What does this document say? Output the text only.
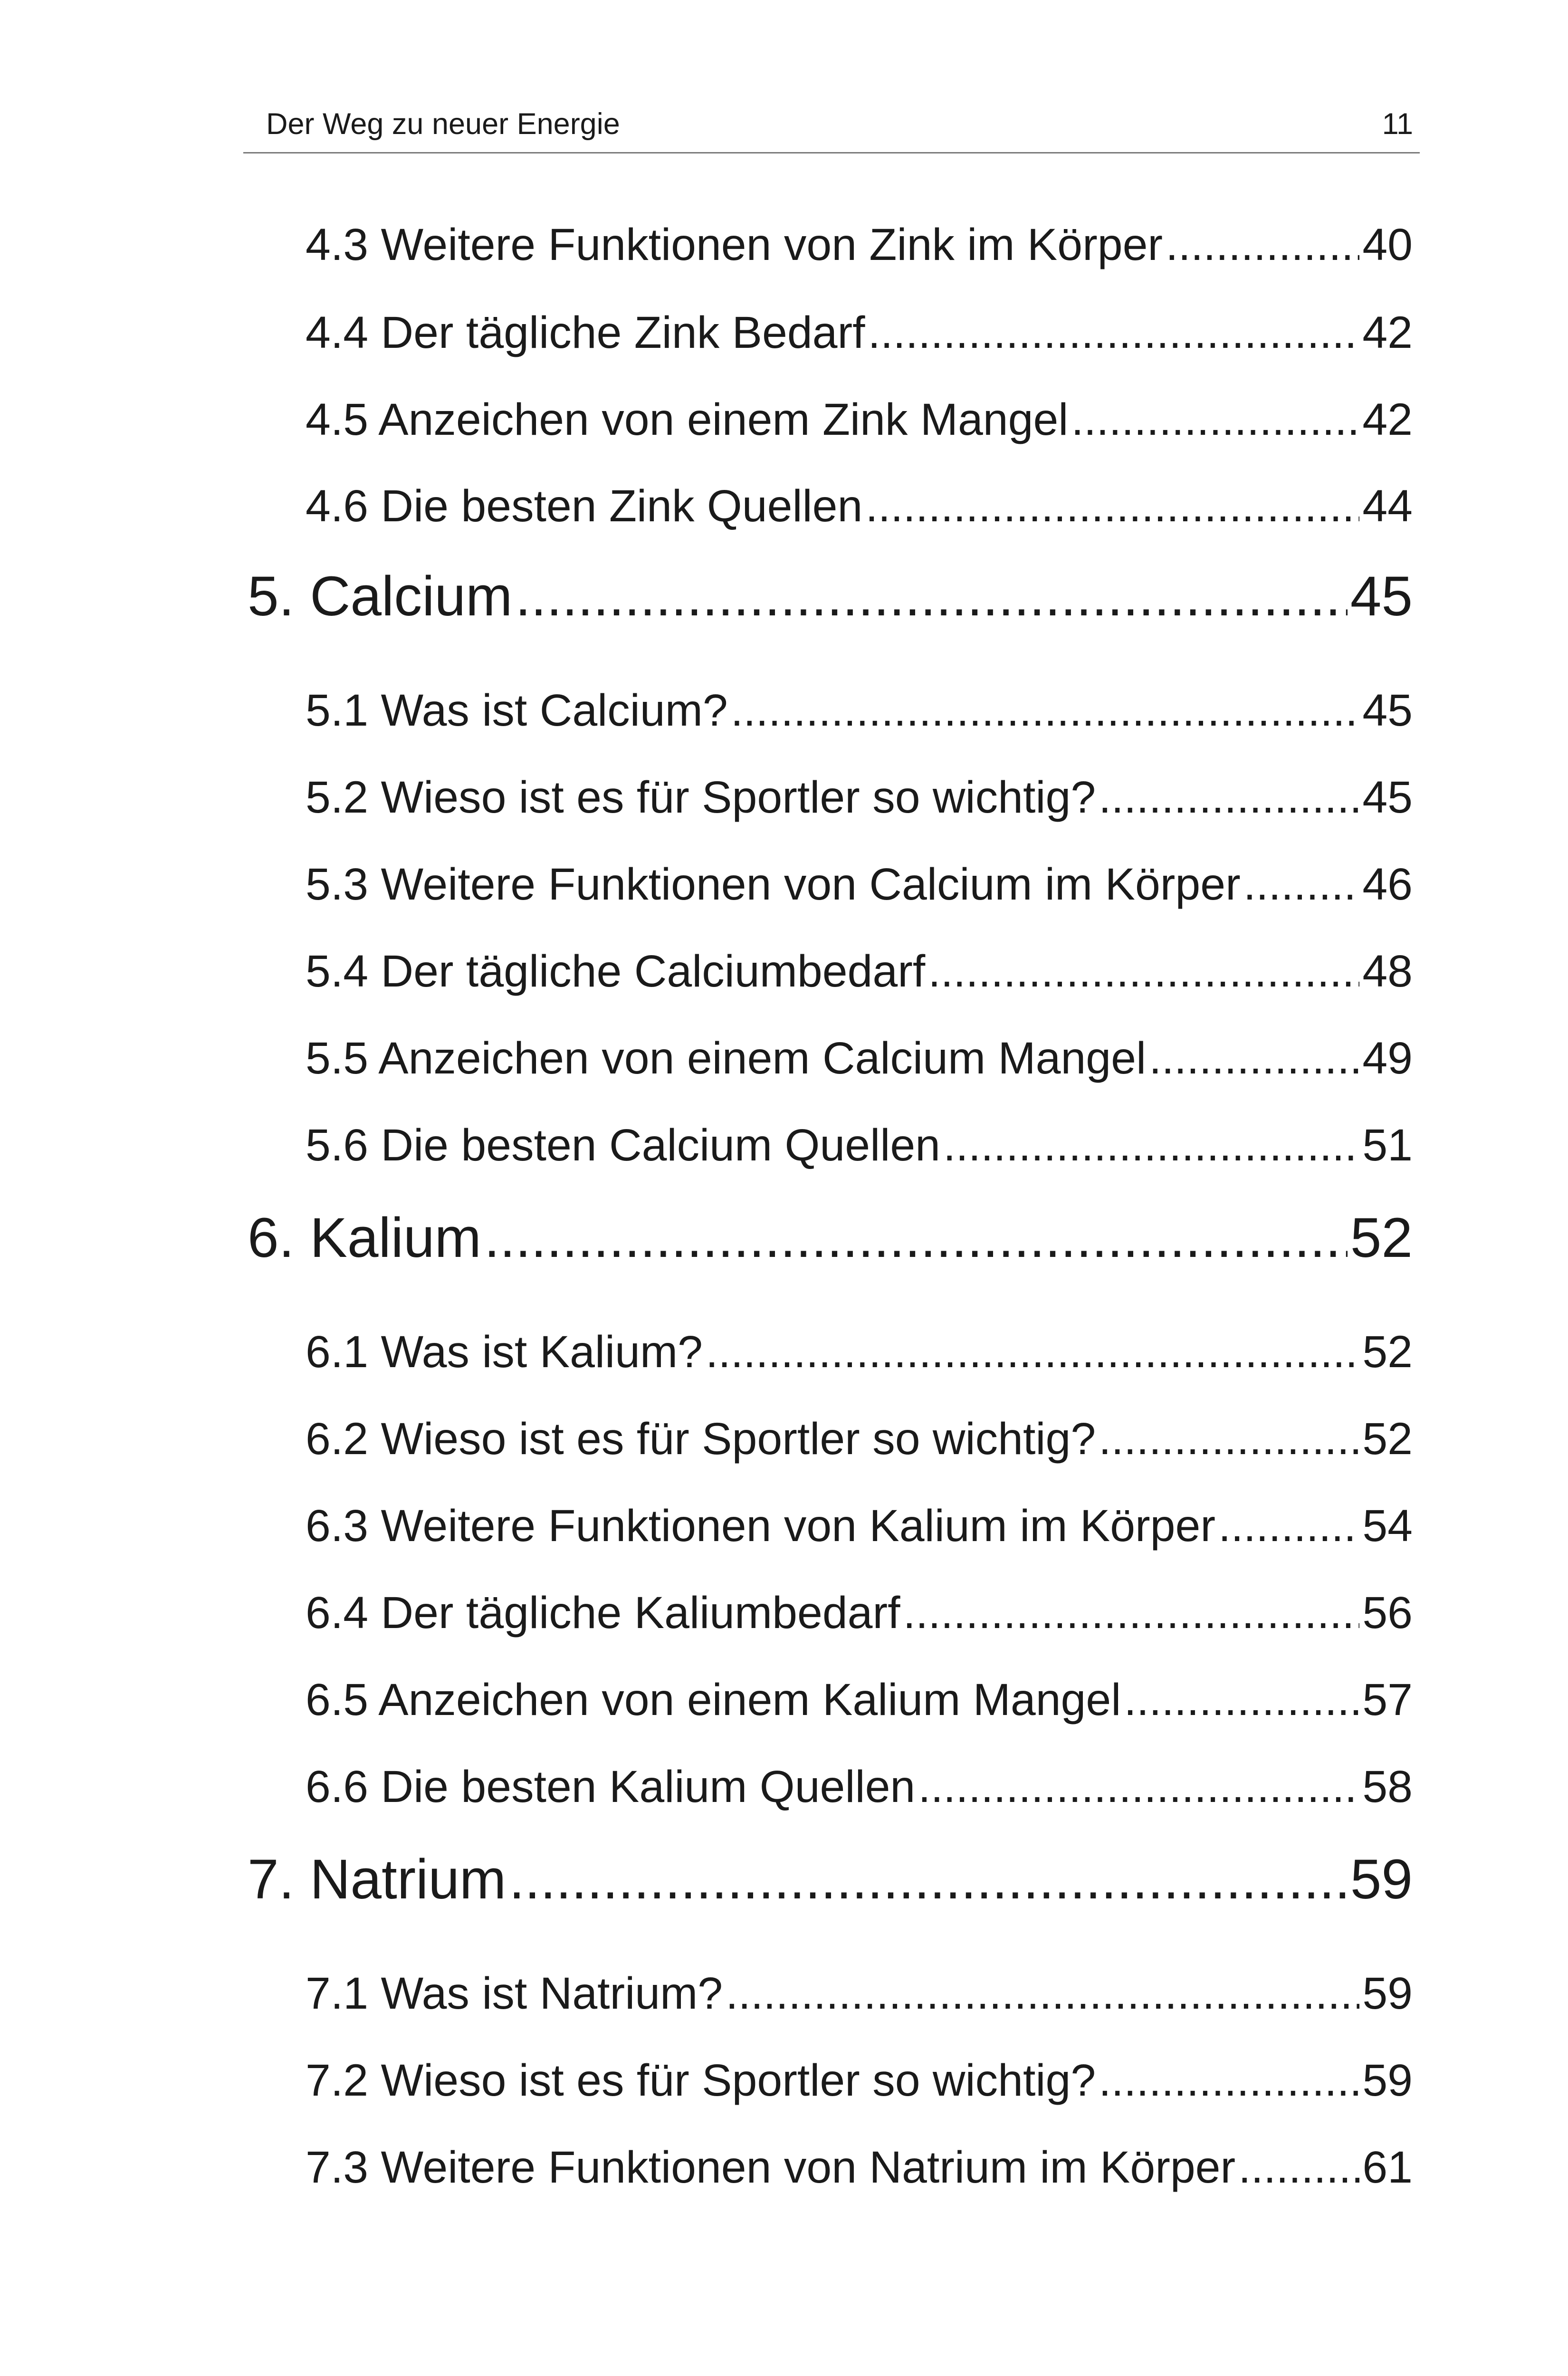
Der Weg zu neuer Energie	11
4.3 Weitere Funktionen von Zink im Körper .....	40
4.4 Der tägliche Zink Bedarf .....	42
4.5 Anzeichen von einem Zink Mangel .....	42
4.6 Die besten Zink Quellen .....	44
5. Calcium .....	45
5.1 Was ist Calcium? .....	45
5.2 Wieso ist es für Sportler so wichtig? .....	45
5.3 Weitere Funktionen von Calcium im Körper .....	46
5.4 Der tägliche Calciumbedarf .....	48
5.5 Anzeichen von einem Calcium Mangel .....	49
5.6 Die besten Calcium Quellen .....	51
6. Kalium .....	52
6.1 Was ist Kalium? .....	52
6.2 Wieso ist es für Sportler so wichtig? .....	52
6.3 Weitere Funktionen von Kalium im Körper .....	54
6.4 Der tägliche Kaliumbedarf .....	56
6.5 Anzeichen von einem Kalium Mangel .....	57
6.6 Die besten Kalium Quellen .....	58
7. Natrium .....	59
7.1 Was ist Natrium? .....	59
7.2 Wieso ist es für Sportler so wichtig? .....	59
7.3 Weitere Funktionen von Natrium im Körper .....	61
